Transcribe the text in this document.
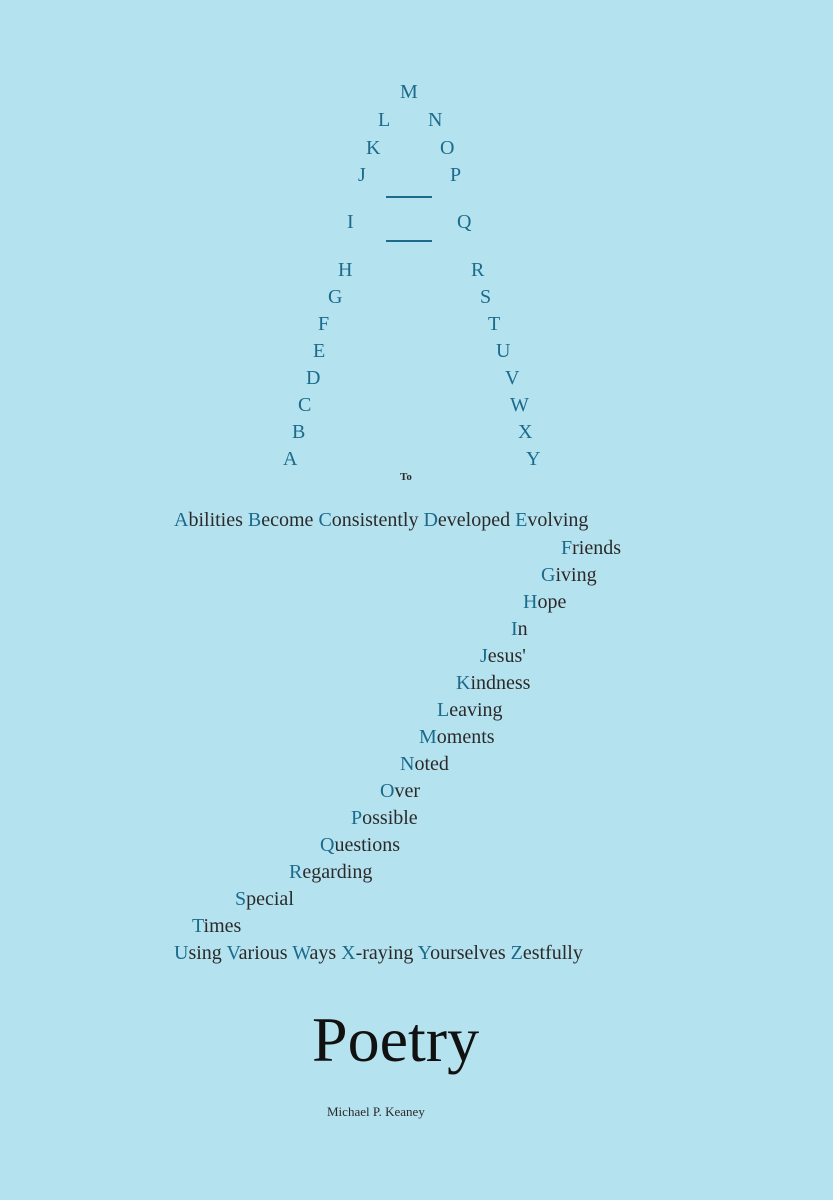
M
L
K
J
I
H
G
F
E
D
C
B
A
N
O
P
Q
R
S
T
U
V
W
X
Y
To
Abilities Become Consistently Developed Evolving
Friends
Giving
Hope
In
Jesus'
Kindness
Leaving
Moments
Noted
Over
Possible
Questions
Regarding
Special
Times
Using Various Ways X-raying Yourselves Zestfully
Poetry
Michael P. Keaney
